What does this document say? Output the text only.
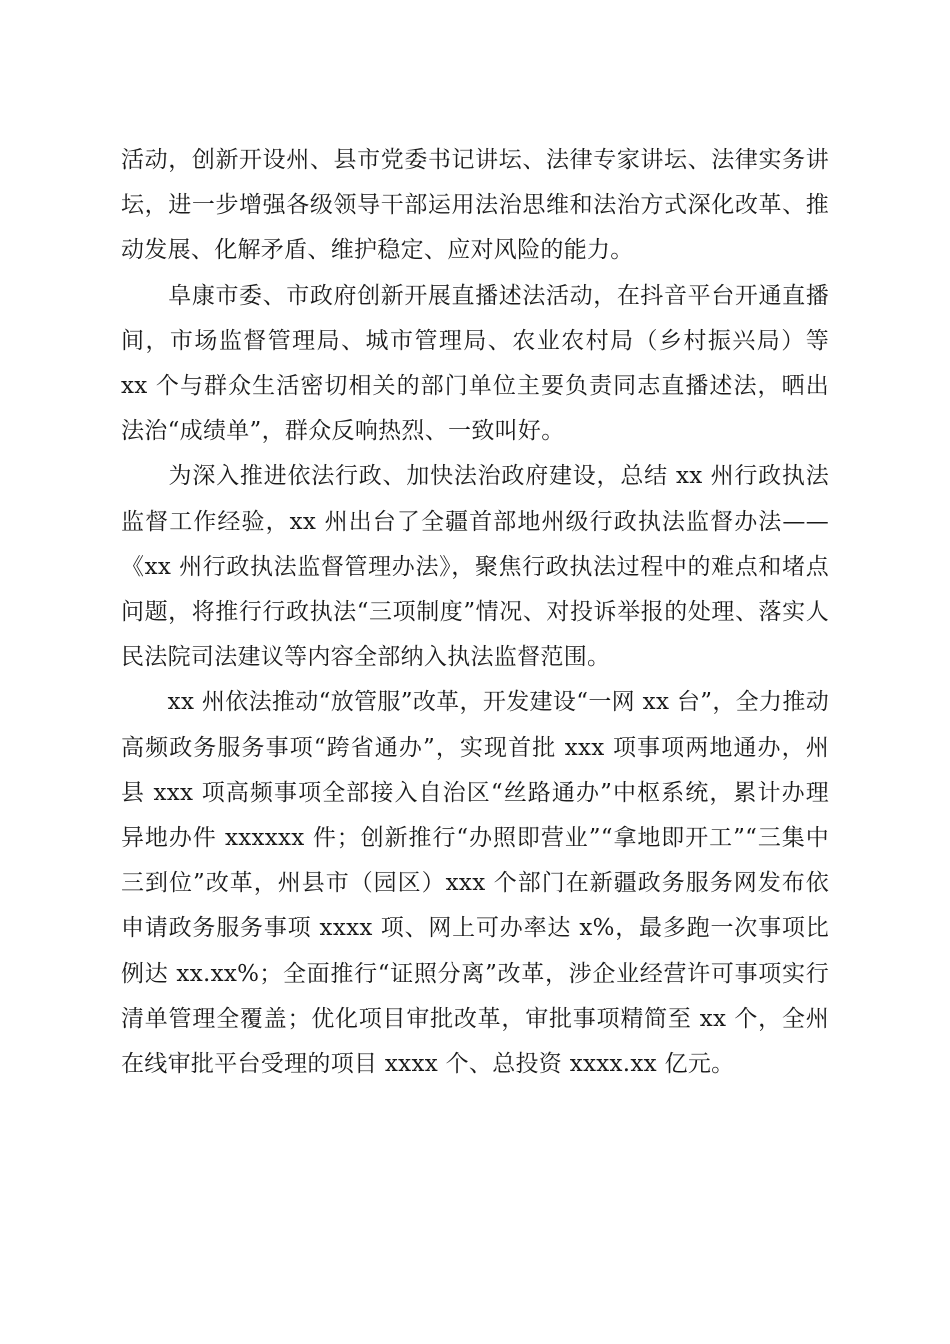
活动，创新开设州、县市党委书记讲坛、法律专家讲坛、法律实务讲坛，进一步增强各级领导干部运用法治思维和法治方式深化改革、推动发展、化解矛盾、维护稳定、应对风险的能力。

　　阜康市委、市政府创新开展直播述法活动，在抖音平台开通直播间，市场监督管理局、城市管理局、农业农村局（乡村振兴局）等 xx 个与群众生活密切相关的部门单位主要负责同志直播述法，晒出法治“成绩单”，群众反响热烈、一致叫好。

　　为深入推进依法行政、加快法治政府建设，总结 xx 州行政执法监督工作经验，xx 州出台了全疆首部地州级行政执法监督办法——《xx 州行政执法监督管理办法》，聚焦行政执法过程中的难点和堵点问题，将推行行政执法“三项制度”情况、对投诉举报的处理、落实人民法院司法建议等内容全部纳入执法监督范围。

　　xx 州依法推动“放管服”改革，开发建设“一网 xx 台”，全力推动高频政务服务事项“跨省通办”，实现首批 xxx 项事项两地通办，州县 xxx 项高频事项全部接入自治区“丝路通办”中枢系统，累计办理异地办件 xxxxxx 件；创新推行“办照即营业”“拿地即开工”“三集中三到位”改革，州县市（园区）xxx 个部门在新疆政务服务网发布依申请政务服务事项 xxxx 项、网上可办率达 x%，最多跑一次事项比例达 xx.xx%；全面推行“证照分离”改革，涉企业经营许可事项实行清单管理全覆盖；优化项目审批改革，审批事项精简至 xx 个，全州在线审批平台受理的项目 xxxx 个、总投资 xxxx.xx 亿元。
